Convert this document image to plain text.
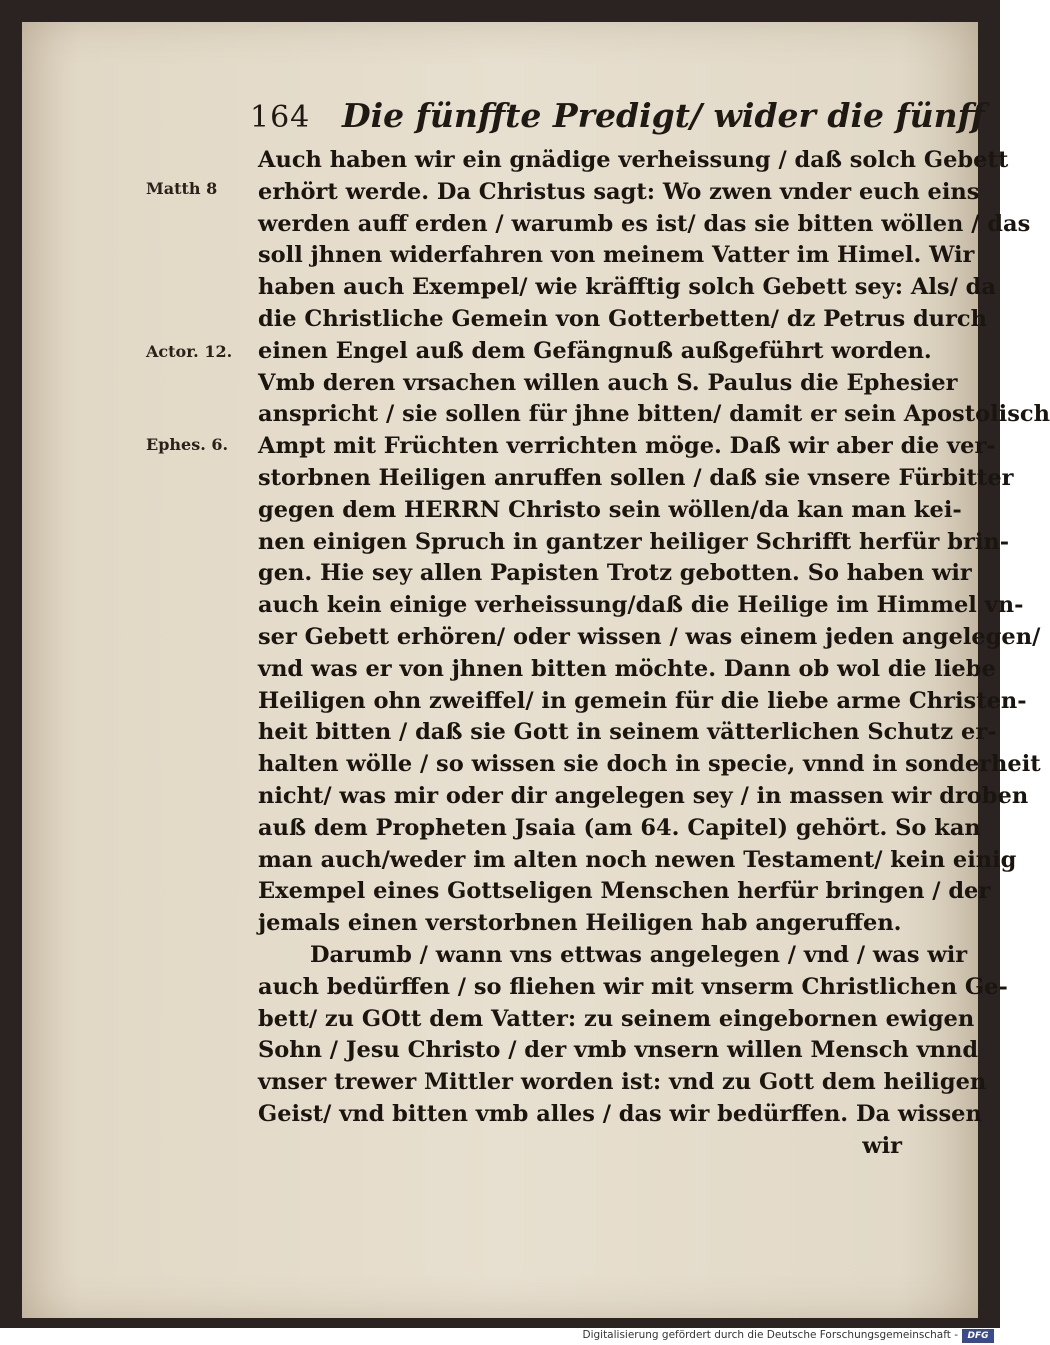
164 Die fünffte Predigt/ wider die fünff
Matth 8
Actor. 12.
Ephes. 6.
Auch haben wir ein gnädige verheissung / daß solch Gebett
erhört werde. Da Christus sagt: Wo zwen vnder euch eins
werden auff erden / warumb es ist/ das sie bitten wöllen / das
soll jhnen widerfahren von meinem Vatter im Himel. Wir
haben auch Exempel/ wie kräfftig solch Gebett sey: Als/ da
die Christliche Gemein von Gotterbetten/ dz Petrus durch
einen Engel auß dem Gefängnuß außgeführt worden.
Vmb deren vrsachen willen auch S. Paulus die Ephesier
anspricht / sie sollen für jhne bitten/ damit er sein Apostolisch
Ampt mit Früchten verrichten möge. Daß wir aber die ver-
storbnen Heiligen anruffen sollen / daß sie vnsere Fürbitter
gegen dem HERRN Christo sein wöllen/da kan man kei-
nen einigen Spruch in gantzer heiliger Schrifft herfür brin-
gen. Hie sey allen Papisten Trotz gebotten. So haben wir
auch kein einige verheissung/daß die Heilige im Himmel vn-
ser Gebett erhören/ oder wissen / was einem jeden angelegen/
vnd was er von jhnen bitten möchte. Dann ob wol die liebe
Heiligen ohn zweiffel/ in gemein für die liebe arme Christen-
heit bitten / daß sie Gott in seinem vätterlichen Schutz er-
halten wölle / so wissen sie doch in specie, vnnd in sonderheit
nicht/ was mir oder dir angelegen sey / in massen wir droben
auß dem Propheten Jsaia (am 64. Capitel) gehört. So kan
man auch/weder im alten noch newen Testament/ kein einig
Exempel eines Gottseligen Menschen herfür bringen / der
jemals einen verstorbnen Heiligen hab angeruffen.
Darumb / wann vns ettwas angelegen / vnd / was wir
auch bedürffen / so fliehen wir mit vnserm Christlichen Ge-
bett/ zu GOtt dem Vatter: zu seinem eingebornen ewigen
Sohn / Jesu Christo / der vmb vnsern willen Mensch vnnd
vnser trewer Mittler worden ist: vnd zu Gott dem heiligen
Geist/ vnd bitten vmb alles / das wir bedürffen. Da wissen
wir
Digitalisierung gefördert durch die Deutsche Forschungsgemeinschaft -	DFG
